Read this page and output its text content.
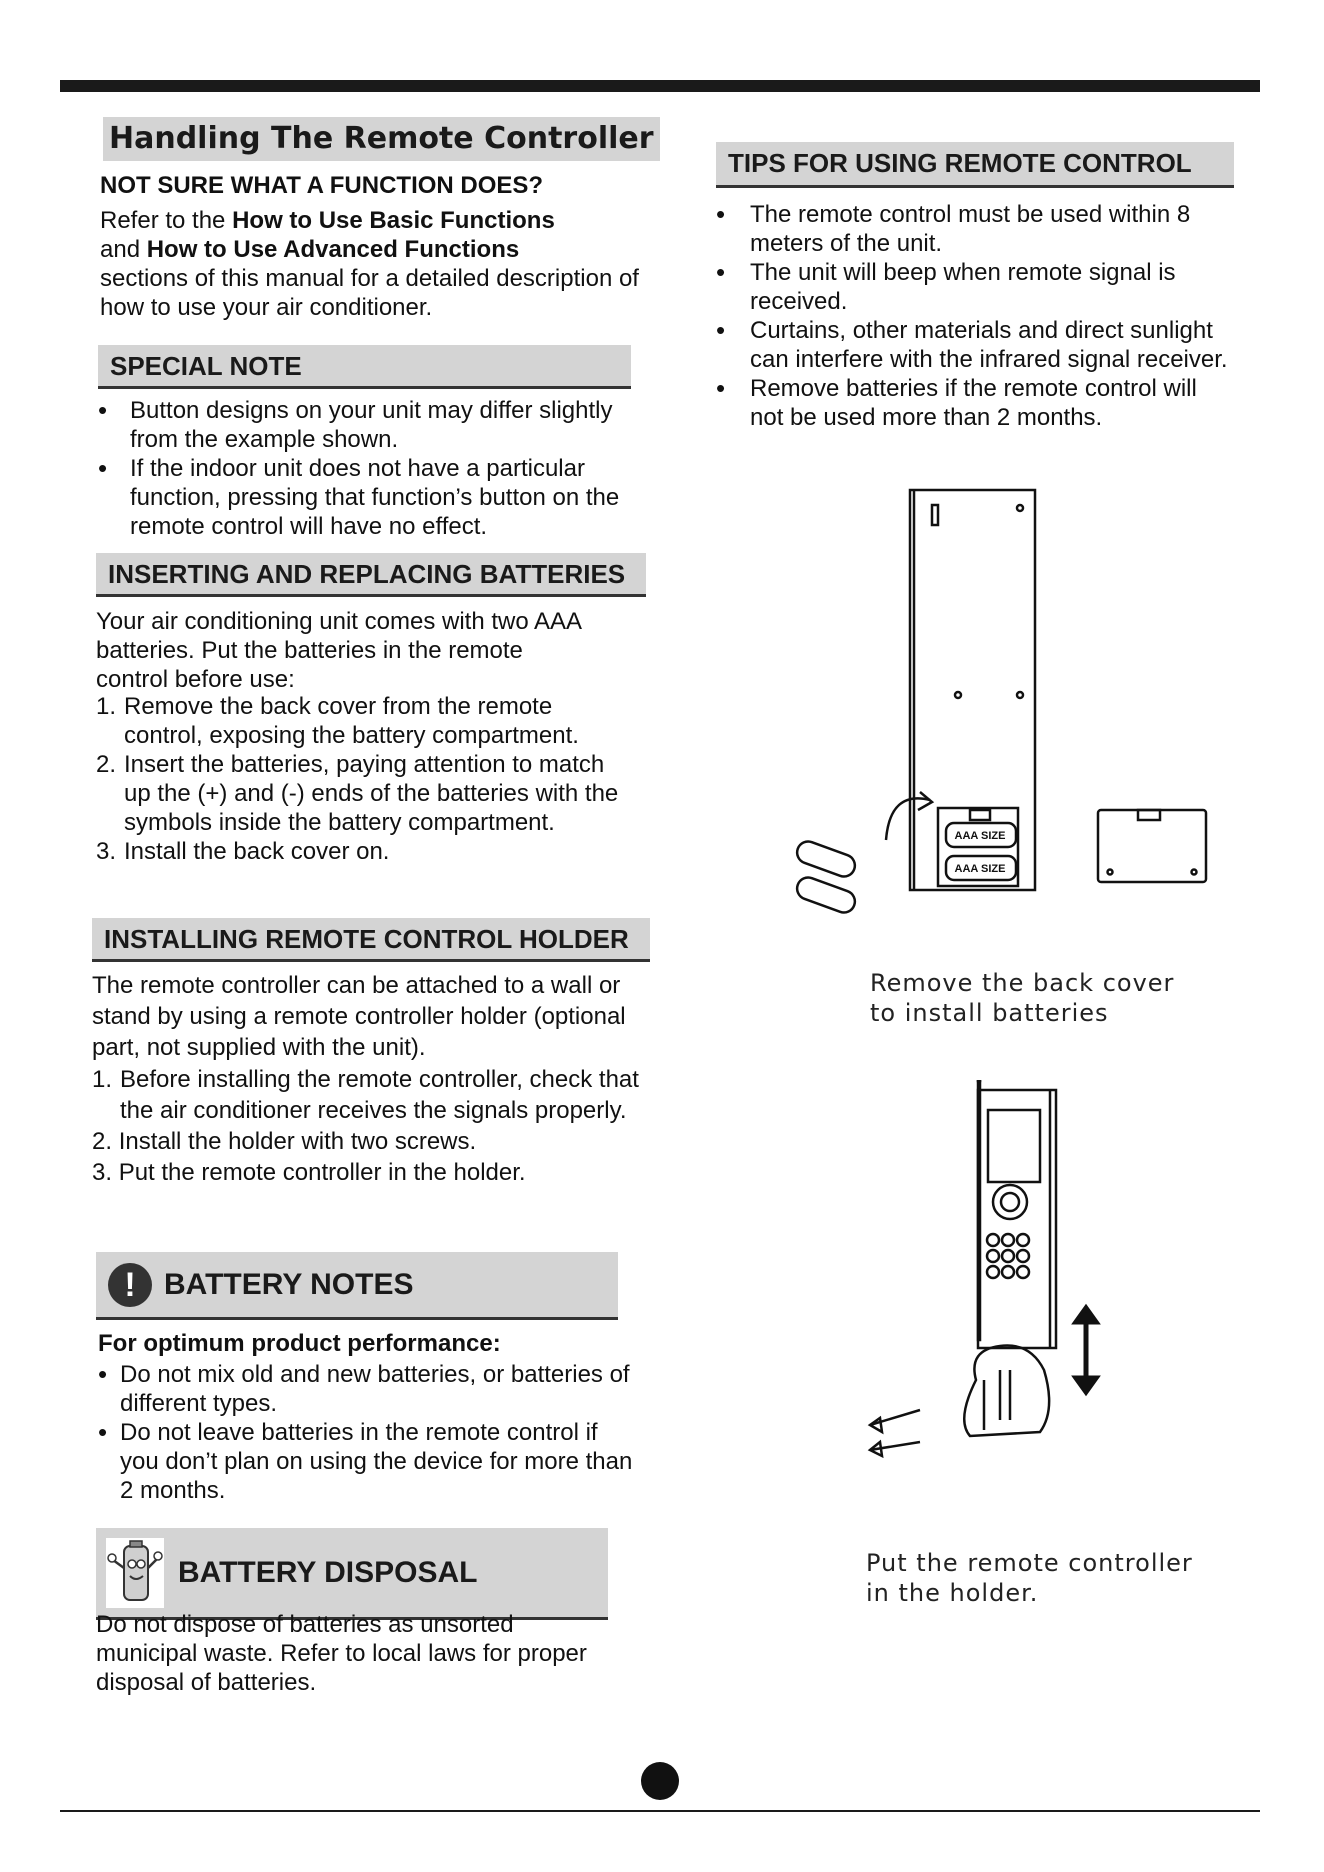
Handling The Remote Controller
NOT SURE WHAT A FUNCTION DOES?
Refer to the How to Use Basic Functions
and How to Use Advanced Functions
sections of this manual for a detailed description of how to use your air conditioner.
SPECIAL NOTE
• Button designs on your unit may differ slightly from the example shown.
• If the indoor unit does not have a particular function, pressing that function’s button on the remote control will have no effect.
INSERTING AND REPLACING BATTERIES
Your air conditioning unit comes with two AAA batteries. Put the batteries in the remote control before use:
1. Remove the back cover from the remote control, exposing the battery compartment.
2. Insert the batteries, paying attention to match up the (+) and (-) ends of the batteries with the symbols inside the battery compartment.
3. Install the back cover on.
INSTALLING REMOTE CONTROL HOLDER
The remote controller can be attached to a wall or stand by using a remote controller holder (optional part, not supplied with the unit).
1. Before installing the remote controller, check that the air conditioner receives the signals properly.
2. Install the holder with two screws.
3. Put the remote controller in the holder.
! BATTERY NOTES
For optimum product performance:
• Do not mix old and new batteries, or batteries of different types.
• Do not leave batteries in the remote control if you don’t plan on using the device for more than 2 months.
BATTERY DISPOSAL
Do not dispose of batteries as unsorted municipal waste. Refer to local laws for proper disposal of batteries.
TIPS FOR USING REMOTE CONTROL
• The remote control must be used within 8 meters of the unit.
• The unit will beep when remote signal is received.
• Curtains, other materials and direct sunlight can interfere with the infrared signal receiver.
• Remove batteries if the remote control will not be used more than 2 months.
AAA SIZE
AAA SIZE
Remove the back cover
to install batteries
Put the remote controller
in the holder.
